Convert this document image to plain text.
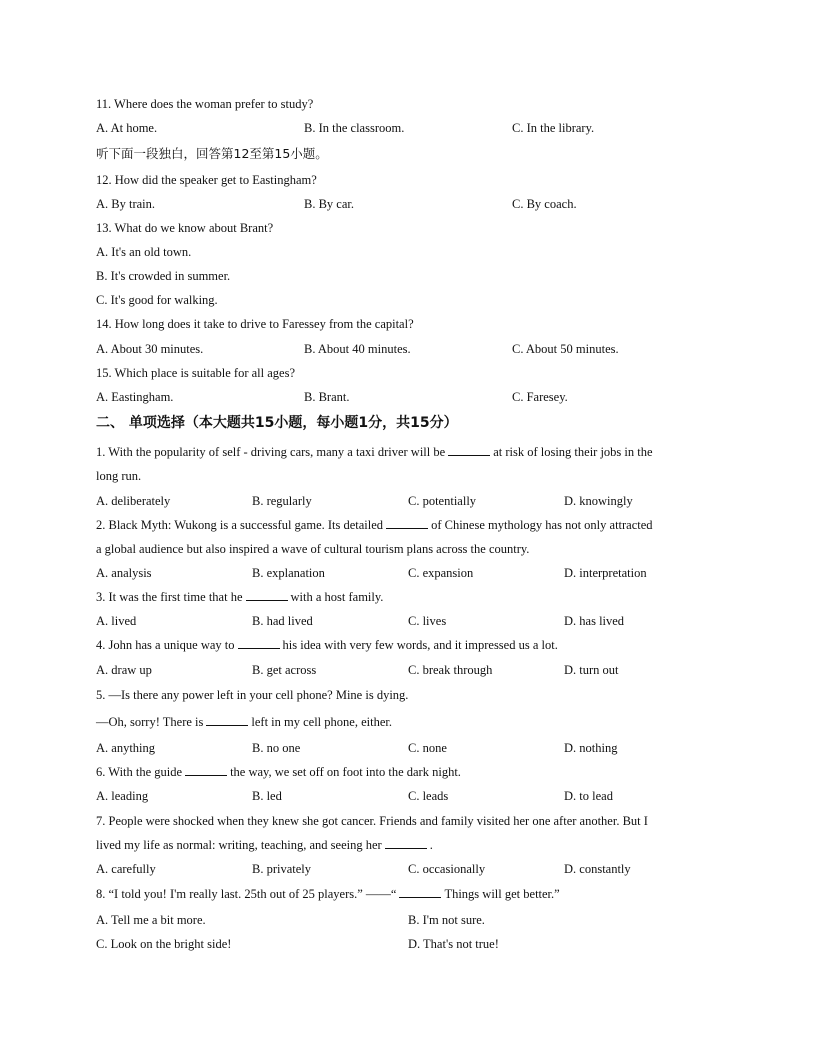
11. Where does the woman prefer to study?
A. At home.	B. In the classroom.	C. In the library.
听下面一段独白，回答第12至第15小题。
12. How did the speaker get to Eastingham?
A. By train.	B. By car.	C. By coach.
13. What do we know about Brant?
A. It's an old town.
B. It's crowded in summer.
C. It's good for walking.
14. How long does it take to drive to Faressey from the capital?
A. About 30 minutes.	B. About 40 minutes.	C. About 50 minutes.
15. Which place is suitable for all ages?
A. Eastingham.	B. Brant.	C. Faresey.
二、 单项选择（本大题共15小题，每小题1分，共15分）
1. With the popularity of self - driving cars, many a taxi driver will be	at risk of losing their jobs in the
long run.
A. deliberately	B. regularly	C. potentially	D. knowingly
2. Black Myth: Wukong is a successful game. Its detailed	of Chinese mythology has not only attracted
a global audience but also inspired a wave of cultural tourism plans across the country.
A. analysis	B. explanation	C. expansion	D. interpretation
3. It was the first time that he	with a host family.
A. lived	B. had lived	C. lives	D. has lived
4. John has a unique way to	his idea with very few words, and it impressed us a lot.
A. draw up	B. get across	C. break through	D. turn out
5. —Is there any power left in your cell phone? Mine is dying.
—Oh, sorry! There is	left in my cell phone, either.
A. anything	B. no one	C. none	D. nothing
6. With the guide	the way, we set off on foot into the dark night.
A. leading	B. led	C. leads	D. to lead
7. People were shocked when they knew she got cancer. Friends and family visited her one after another. But I
lived my life as normal: writing, teaching, and seeing her	.
A. carefully	B. privately	C. occasionally	D. constantly
8. “I told you! I'm really last. 25th out of 25 players.” ——“	Things will get better.”
A. Tell me a bit more.	B. I'm not sure.
C. Look on the bright side!	D. That's not true!
